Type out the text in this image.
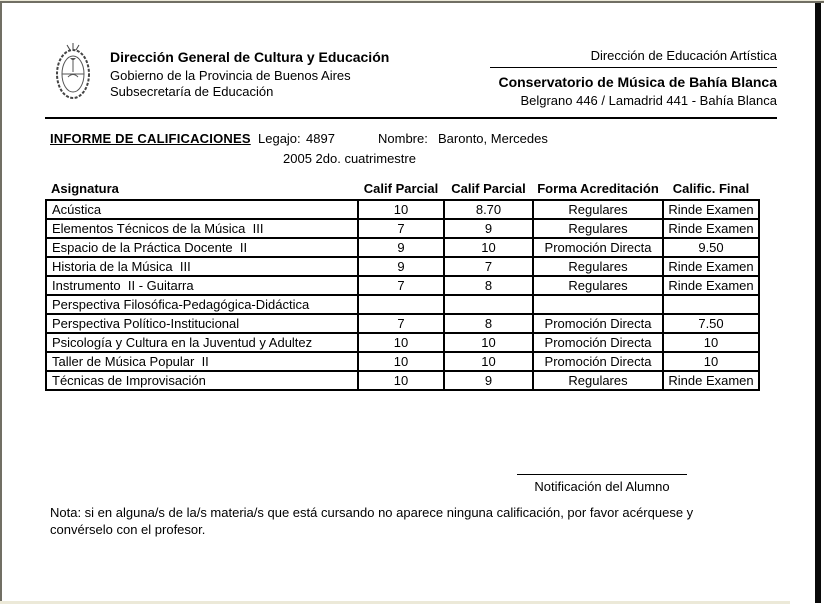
Dirección General de Cultura y Educación
Gobierno de la Provincia de Buenos Aires
Subsecretaría de Educación
Dirección de Educación Artística
Conservatorio de Música de Bahía Blanca
Belgrano 446 / Lamadrid 441 - Bahía Blanca
INFORME DE CALIFICACIONES Legajo: 4897	Nombre: Baronto, Mercedes
2005 2do. cuatrimestre
Asignatura	Calif Parcial	Calif Parcial	Forma Acreditación	Calific. Final
Acústica	10	8.70	Regulares	Rinde Examen
Elementos Técnicos de la Música  III	7	9	Regulares	Rinde Examen
Espacio de la Práctica Docente  II	9	10	Promoción Directa	9.50
Historia de la Música  III	9	7	Regulares	Rinde Examen
Instrumento  II - Guitarra	7	8	Regulares	Rinde Examen
Perspectiva Filosófica-Pedagógica-Didáctica				
Perspectiva Político-Institucional	7	8	Promoción Directa	7.50
Psicología y Cultura en la Juventud y Adultez	10	10	Promoción Directa	10
Taller de Música Popular  II	10	10	Promoción Directa	10
Técnicas de Improvisación	10	9	Regulares	Rinde Examen
Notificación del Alumno
Nota: si en alguna/s de la/s materia/s que está cursando no aparece ninguna calificación, por favor acérquese y convérselo con el profesor.
